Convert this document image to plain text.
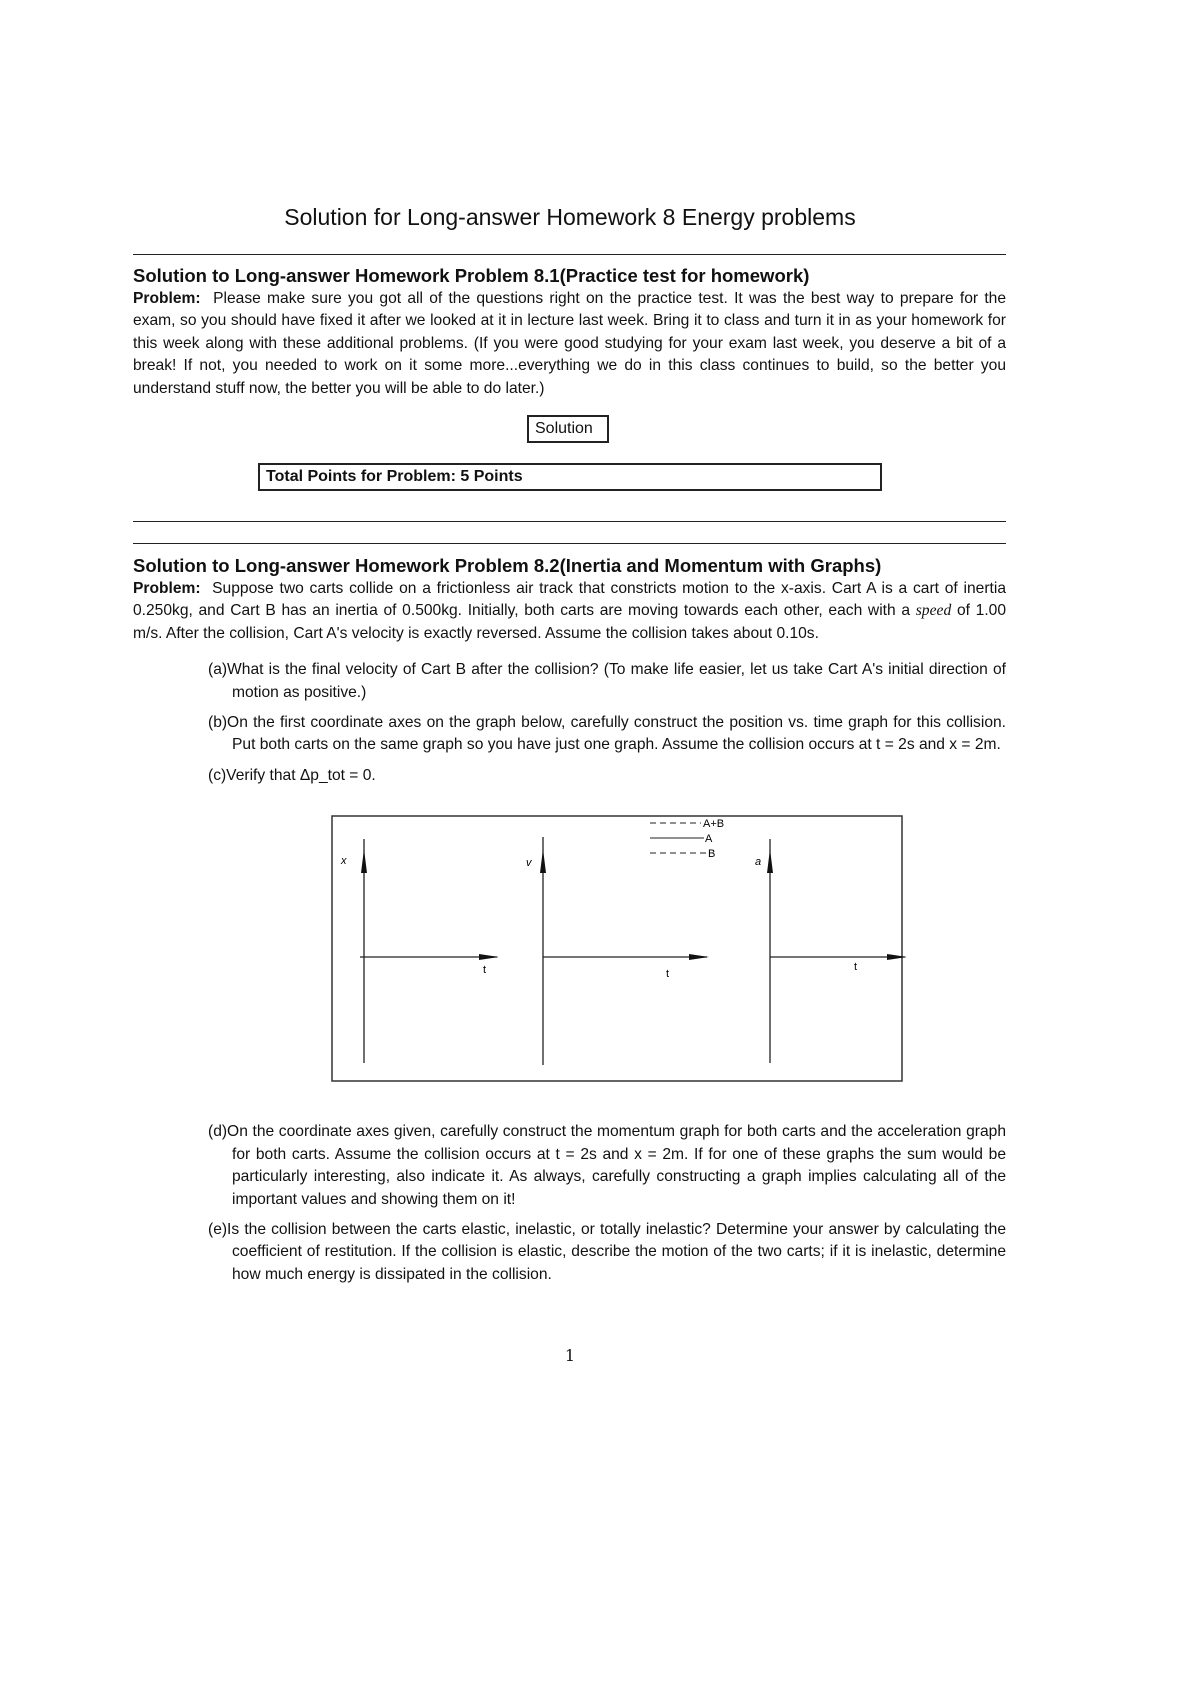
Solution for Long-answer Homework 8 Energy problems
Solution to Long-answer Homework Problem 8.1(Practice test for homework)
Problem: Please make sure you got all of the questions right on the practice test. It was the best way to prepare for the exam, so you should have fixed it after we looked at it in lecture last week. Bring it to class and turn it in as your homework for this week along with these additional problems. (If you were good studying for your exam last week, you deserve a bit of a break! If not, you needed to work on it some more...everything we do in this class continues to build, so the better you understand stuff now, the better you will be able to do later.)
Solution
Total Points for Problem: 5 Points
Solution to Long-answer Homework Problem 8.2(Inertia and Momentum with Graphs)
Problem: Suppose two carts collide on a frictionless air track that constricts motion to the x-axis. Cart A is a cart of inertia 0.250kg, and Cart B has an inertia of 0.500kg. Initially, both carts are moving towards each other, each with a speed of 1.00 m/s. After the collision, Cart A's velocity is exactly reversed. Assume the collision takes about 0.10s.
(a)What is the final velocity of Cart B after the collision? (To make life easier, let us take Cart A's initial direction of motion as positive.)
(b)On the first coordinate axes on the graph below, carefully construct the position vs. time graph for this collision. Put both carts on the same graph so you have just one graph. Assume the collision occurs at t = 2s and x = 2m.
(c)Verify that Δp_tot = 0.
A+B
A
B
x
t
v
t
a
t
(d)On the coordinate axes given, carefully construct the momentum graph for both carts and the acceleration graph for both carts. Assume the collision occurs at t = 2s and x = 2m. If for one of these graphs the sum would be particularly interesting, also indicate it. As always, carefully constructing a graph implies calculating all of the important values and showing them on it!
(e)Is the collision between the carts elastic, inelastic, or totally inelastic? Determine your answer by calculating the coefficient of restitution. If the collision is elastic, describe the motion of the two carts; if it is inelastic, determine how much energy is dissipated in the collision.
1
